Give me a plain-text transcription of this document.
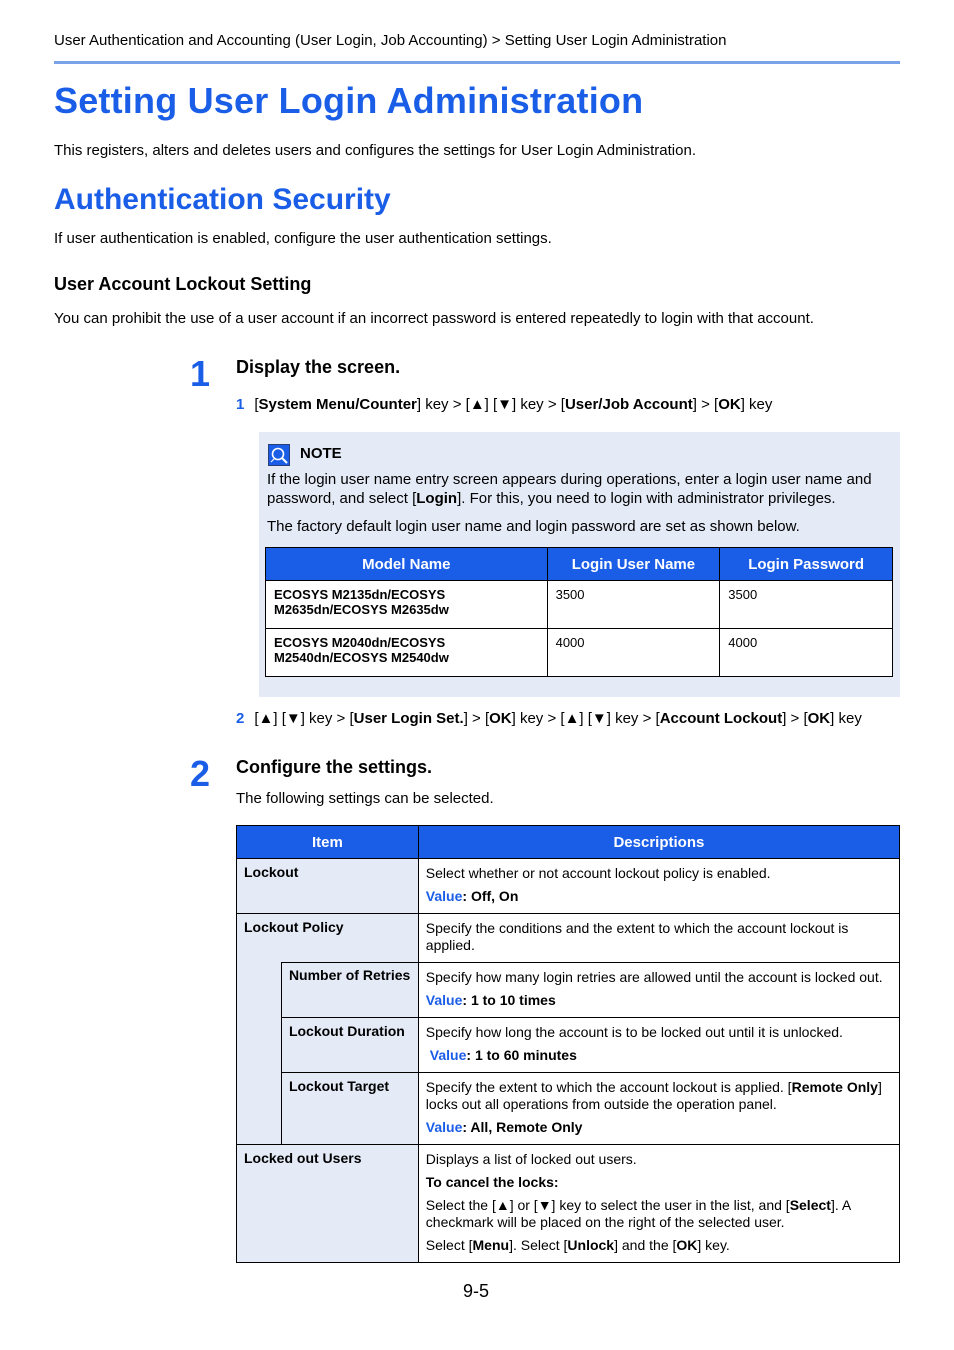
User Authentication and Accounting (User Login, Job Accounting) > Setting User Login Administration
Setting User Login Administration
This registers, alters and deletes users and configures the settings for User Login Administration.
Authentication Security
If user authentication is enabled, configure the user authentication settings.
User Account Lockout Setting
You can prohibit the use of a user account if an incorrect password is entered repeatedly to login with that account.
1 Display the screen.
1 [System Menu/Counter] key > [▲] [▼] key > [User/Job Account] > [OK] key
NOTE
If the login user name entry screen appears during operations, enter a login user name and password, and select [Login]. For this, you need to login with administrator privileges.
The factory default login user name and login password are set as shown below.
Model Name	Login User Name	Login Password
ECOSYS M2135dn/ECOSYS M2635dn/ECOSYS M2635dw	3500	3500
ECOSYS M2040dn/ECOSYS M2540dn/ECOSYS M2540dw	4000	4000
2 [▲] [▼] key > [User Login Set.] > [OK] key > [▲] [▼] key > [Account Lockout] > [OK] key
2 Configure the settings.
The following settings can be selected.
Item		Descriptions
Lockout		Select whether or not account lockout policy is enabled.
Value: Off, On

Lockout Policy		Specify the conditions and the extent to which the account lockout is applied.

	Number of Retries	Specify how many login retries are allowed until the account is locked out.
Value: 1 to 10 times

	Lockout Duration	Specify how long the account is to be locked out until it is unlocked.
Value: 1 to 60 minutes

	Lockout Target	Specify the extent to which the account lockout is applied. [Remote Only] locks out all operations from outside the operation panel.
Value: All, Remote Only

Locked out Users		Displays a list of locked out users.
To cancel the locks:
Select the [▲] or [▼] key to select the user in the list, and [Select]. A checkmark will be placed on the right of the selected user.
Select [Menu]. Select [Unlock] and the [OK] key.
9-5
